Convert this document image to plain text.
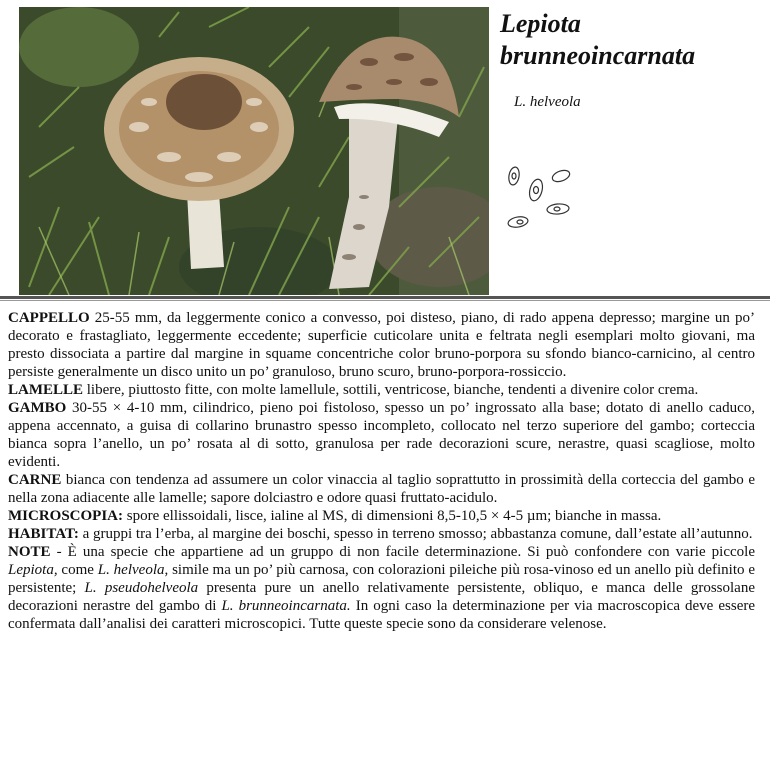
Lepiota
brunneoincarnata
L. helveola

CAPPELLO 25-55 mm, da leggermente conico a convesso, poi disteso, piano, di rado appena depresso; margine un po’ decorato e frastagliato, leggermente eccedente; superficie cuticolare unita e feltrata negli esemplari molto giovani, ma presto dissociata a partire dal margine in squame concentriche color bruno-porpora su sfondo bianco-carnicino, al centro persiste generalmente un disco unito un po’ granuloso, bruno scuro, bruno-porpora-rossiccio.

LAMELLE libere, piuttosto fitte, con molte lamellule, sottili, ventricose, bianche, tendenti a divenire color crema.

GAMBO 30-55 × 4-10 mm, cilindrico, pieno poi fistoloso, spesso un po’ ingrossato alla base; dotato di anello caduco, appena accennato, a guisa di collarino brunastro spesso incompleto, collocato nel terzo superiore del gambo; corteccia bianca sopra l’anello, un po’ rosata al di sotto, granulosa per rade decorazioni scure, nerastre, quasi scagliose, molto evidenti.

CARNE bianca con tendenza ad assumere un color vinaccia al taglio soprattutto in prossimità della corteccia del gambo e nella zona adiacente alle lamelle; sapore dolciastro e odore quasi fruttato-acidulo.

MICROSCOPIA: spore ellissoidali, lisce, ialine al MS, di dimensioni 8,5-10,5 × 4-5 µm; bianche in massa.

HABITAT: a gruppi tra l’erba, al margine dei boschi, spesso in terreno smosso; abbastanza comune, dall’estate all’autunno.

NOTE - È una specie che appartiene ad un gruppo di non facile determinazione. Si può confondere con varie piccole Lepiota, come L. helveola, simile ma un po’ più carnosa, con colorazioni pileiche più rosa-vinoso ed un anello più definito e persistente; L. pseudohelveola presenta pure un anello relativamente persistente, obliquo, e manca delle grossolane decorazioni nerastre del gambo di L. brunneoincarnata. In ogni caso la determinazione per via macroscopica deve essere confermata dall’analisi dei caratteri microscopici. Tutte queste specie sono da considerare velenose.
